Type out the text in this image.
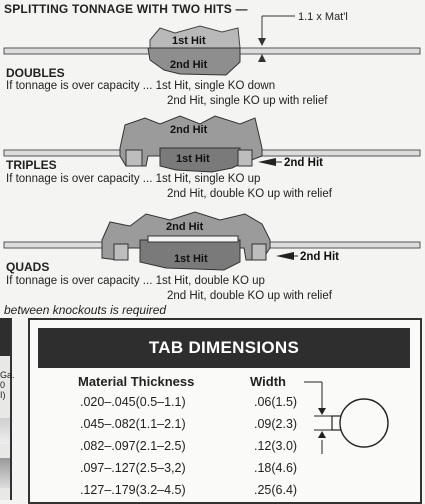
SPLITTING TONNAGE WITH TWO HITS —
1.1 x Mat'l
1st Hit
2nd Hit
2nd Hit
1st Hit	2nd Hit
2nd Hit
1st Hit	2nd Hit
DOUBLES
If tonnage is over capacity ... 1st Hit, single KO down
2nd Hit, single KO up with relief
TRIPLES
If tonnage is over capacity ... 1st Hit, single KO up
2nd Hit, double KO up with relief
QUADS
If tonnage is over capacity ... 1st Hit, double KO up
2nd Hit, double KO up with relief
between knockouts is required
Ga.
0
I)
TAB DIMENSIONS
Material Thickness	Width
.020–.045(0.5–1.1)	.06(1.5)
.045–.082(1.1–2.1)	.09(2.3)
.082–.097(2.1–2.5)	.12(3.0)
.097–.127(2.5–3,2)	.18(4.6)
.127–.179(3.2–4.5)	.25(6.4)
